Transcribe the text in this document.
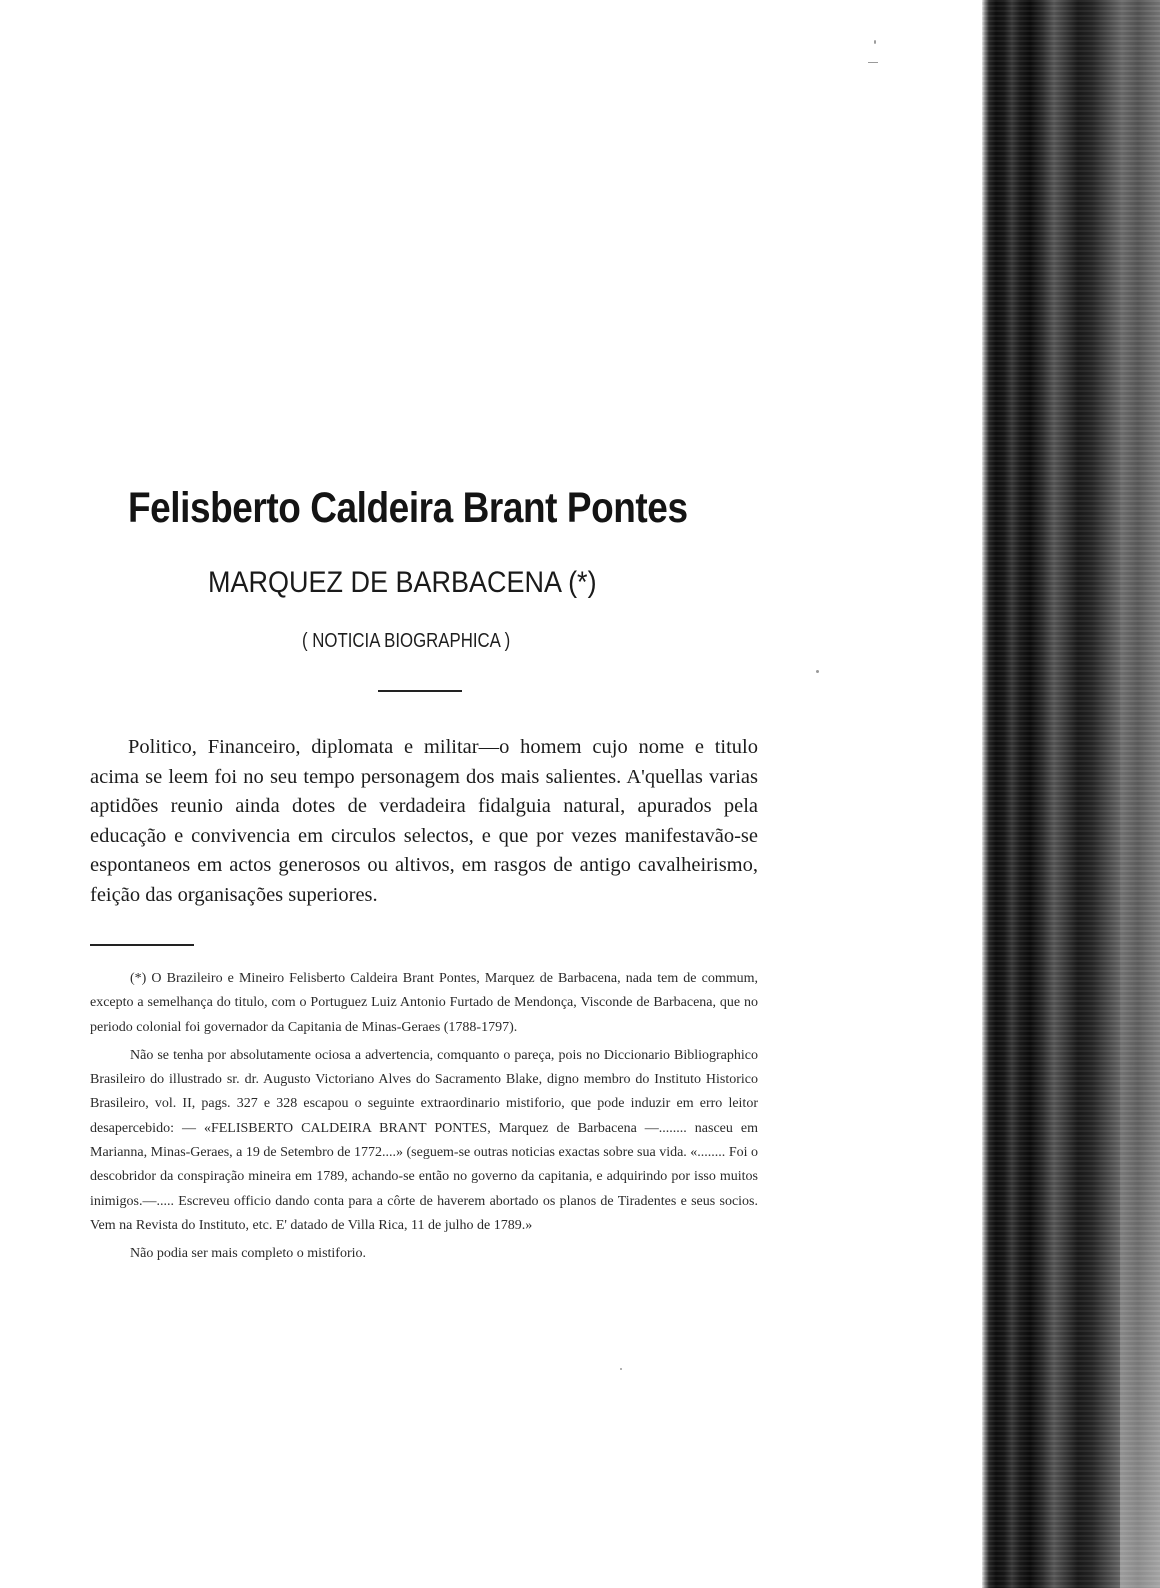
Felisberto Caldeira Brant Pontes
MARQUEZ DE BARBACENA (*)
( NOTICIA BIOGRAPHICA )

Politico, Financeiro, diplomata e militar—o homem cujo nome e titulo acima se leem foi no seu tempo personagem dos mais salientes. A'quellas varias aptidões reunio ainda dotes de verdadeira fidalguia natural, apurados pela educação e convivencia em circulos selectos, e que por vezes manifestavão-se espontaneos em actos generosos ou altivos, em rasgos de antigo cavalheirismo, feição das organisações superiores.

(*) O Brazileiro e Mineiro Felisberto Caldeira Brant Pontes, Marquez de Barbacena, nada tem de commum, excepto a semelhança do titulo, com o Portuguez Luiz Antonio Furtado de Mendonça, Visconde de Barbacena, que no periodo colonial foi governador da Capitania de Minas-Geraes (1788-1797).

Não se tenha por absolutamente ociosa a advertencia, comquanto o pareça, pois no Diccionario Bibliographico Brasileiro do illustrado sr. dr. Augusto Victoriano Alves do Sacramento Blake, digno membro do Instituto Historico Brasileiro, vol. II, pags. 327 e 328 escapou o seguinte extraordinario mistiforio, que pode induzir em erro leitor desapercebido: — «FELISBERTO CALDEIRA BRANT PONTES, Marquez de Barbacena —........ nasceu em Marianna, Minas-Geraes, a 19 de Setembro de 1772....» (seguem-se outras noticias exactas sobre sua vida. «........ Foi o descobridor da conspiração mineira em 1789, achando-se então no governo da capitania, e adquirindo por isso muitos inimigos.—..... Escreveu officio dando conta para a côrte de haverem abortado os planos de Tiradentes e seus socios. Vem na Revista do Instituto, etc. E' datado de Villa Rica, 11 de julho de 1789.»

Não podia ser mais completo o mistiforio.
